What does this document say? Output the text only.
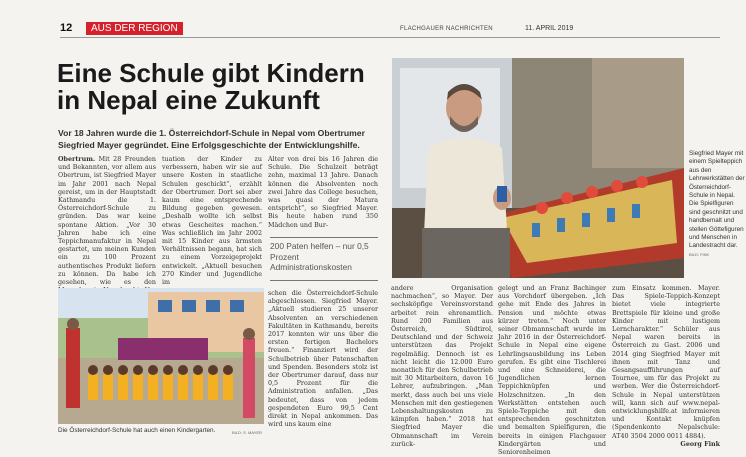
12	AUS DER REGION	FLACHGAUER NACHRICHTEN	11. APRIL 2019
Eine Schule gibt Kindern in Nepal eine Zukunft

Vor 18 Jahren wurde die 1. Österreichdorf-Schule in Nepal vom Obertrumer Siegfried Mayer gegründet. Eine Erfolgsgeschichte der Entwicklungshilfe.

Obertrum. Mit 28 Freunden und Bekannten, vor allem aus Obertrum, ist Siegfried Mayer im Jahr 2001 nach Nepal gereist, um in der Hauptstadt Kathmandu die 1. Österreichdorf-Schule zu gründen. Das war keine spontane Aktion. „Vor 30 Jahren habe ich eine Teppichmanufaktur in Nepal gestartet, um meinen Kunden ein zu 100 Prozent authentisches Produkt liefern zu können. Da habe ich gesehen, wie es den

tuation der Kinder zu verbessern, haben wir sie auf unsere Kosten in staatliche Schulen geschickt“, erzählt der Obertrumer. Dort sei aber kaum eine entsprechende Bildung gegeben gewesen. „Deshalb wollte ich selbst etwas Gescheites machen.“ Was schließlich im Jahr 2002 mit 15 Kinder aus ärmsten Verhältnissen begann, hat sich zu einem Vorzeigeprojekt entwickelt. „Aktuell besuchen 270 Kinder und Jugendliche im

Alter von drei bis 16 Jahren die Schule. Die Schulzeit beträgt zehn, maximal 13 Jahre. Danach können die Absolventen noch zwei Jahre das College besuchen, was quasi der Matura entspricht“, so Siegfried Mayer. Bis heute haben rund 350 Mädchen und Bur-

200 Paten helfen – nur 0,5 Prozent Administrationskosten

schen die Österreichdorf-Schule abgeschlossen. Siegfried Mayer. „Aktuell studieren 25 unserer Absolventen an verschiedenen Fakultäten in Kathmandu, bereits 2017 konnten wir uns über die ersten fertigen Bachelors freuen.“ Finanziert wird der Schulbetrieb über Patenschaften und Spenden. Besonders stolz ist der Obertrumer darauf, dass nur 0,5 Prozent für die Administration anfallen. „Das bedeutet, dass von jedem gespendeten Euro 99,5 Cent direkt in Nepal ankommen. Das wird uns kaum eine

andere Organisation nachmachen“, so Mayer. Der sechsköpfige Vereinsvorstand arbeitet rein ehrenamtlich. Rund 200 Familien aus Österreich, Südtirol, Deutschland und der Schweiz unterstützen das Projekt regelmäßig. Dennoch ist es nicht leicht die 12.000 Euro monatlich für den Schulbetrieb mit 30 Mitarbeitern, davon 16 Lehrer, aufzubringen. „Man merkt, dass auch bei uns viele Menschen mit den gestiegenen Lebenshaltungskosten zu kämpfen haben.“ 2018 hat Siegfried Mayer die Obmannschaft im Verein zurück-

gelegt und an Franz Bachinger aus Vorchdorf übergeben. „Ich gehe mit Ende des Jahres in Pension und möchte etwas kürzer treten.“ Noch unter seiner Obmannschaft wurde im Jahr 2016 in der Österreichdorf-Schule in Nepal eine eigene Lehrlingsausbildung ins Leben gerufen. Es gibt eine Tischlerei und eine Schneiderei, die Jugendlichen lernen Teppichknüpfen und Holzschnitzen. „In den Werkstätten entstehen auch Spiele-Teppiche mit den entsprechenden geschnitzten und bemalten Spielfiguren, die bereits in einigen Flachgauer Kindergärten und Seniorenheimen

zum Einsatz kommen. Mayer. Das Spiele-Teppich-Konzept bietet viele integrierte Brettspiele für kleine und große Kinder mit lustigem Lerncharakter.“ Schüler aus Nepal waren bereits in Österreich zu Gast. 2006 und 2014 ging Siegfried Mayer mit ihnen mit Tanz und Gesangsaufführungen auf Tournee, um für das Projekt zu werben. Wer die Österreichdorf-Schule in Nepal unterstützen will, kann sich auf www.nepal-entwicklungshilfe.at informieren und Kontakt knüpfen (Spendenkonto Nepalschule: AT40 3504 2000 0011 4884).

Georg Fink

Siegfried Mayer mit einem Spielteppich aus den Lehrwerkstätten der Österreichdorf-Schule in Nepal. Die Spielfiguren sind geschnitzt und handbemalt und stellen Göttefiguren und Menschen in Landestracht dar. BILD: FINK
Die Österreichdorf-Schule hat auch einen Kindergarten.	BILD: S. MAYER
